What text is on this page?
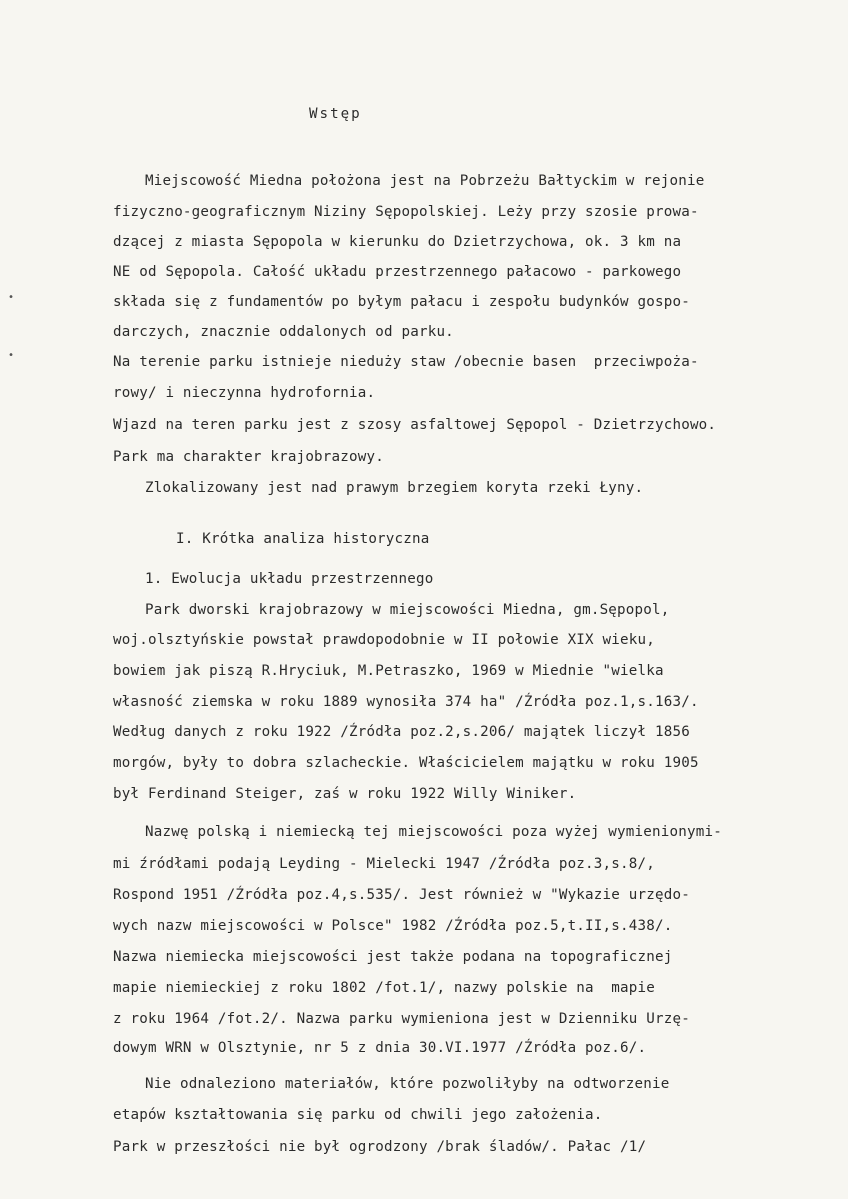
Wstęp
•
•
Miejscowość Miedna położona jest na Pobrzeżu Bałtyckim w rejonie
fizyczno-geograficznym Niziny Sępopolskiej. Leży przy szosie prowa-
dzącej z miasta Sępopola w kierunku do Dzietrzychowa, ok. 3 km na
NE od Sępopola. Całość układu przestrzennego pałacowo - parkowego
składa się z fundamentów po byłym pałacu i zespołu budynków gospo-
darczych, znacznie oddalonych od parku.
Na terenie parku istnieje nieduży staw /obecnie basen  przeciwpoża-
rowy/ i nieczynna hydrofornia.
Wjazd na teren parku jest z szosy asfaltowej Sępopol - Dzietrzychowo.
Park ma charakter krajobrazowy.
Zlokalizowany jest nad prawym brzegiem koryta rzeki Łyny.
I. Krótka analiza historyczna
1. Ewolucja układu przestrzennego
Park dworski krajobrazowy w miejscowości Miedna, gm.Sępopol,
woj.olsztyńskie powstał prawdopodobnie w II połowie XIX wieku,
bowiem jak piszą R.Hryciuk, M.Petraszko, 1969 w Miednie "wielka
własność ziemska w roku 1889 wynosiła 374 ha" /Źródła poz.1,s.163/.
Według danych z roku 1922 /Źródła poz.2,s.206/ majątek liczył 1856
morgów, były to dobra szlacheckie. Właścicielem majątku w roku 1905
był Ferdinand Steiger, zaś w roku 1922 Willy Winiker.
Nazwę polską i niemiecką tej miejscowości poza wyżej wymienionymi-
mi źródłami podają Leyding - Mielecki 1947 /Źródła poz.3,s.8/,
Rospond 1951 /Źródła poz.4,s.535/. Jest również w "Wykazie urzędo-
wych nazw miejscowości w Polsce" 1982 /Źródła poz.5,t.II,s.438/.
Nazwa niemiecka miejscowości jest także podana na topograficznej
mapie niemieckiej z roku 1802 /fot.1/, nazwy polskie na  mapie
z roku 1964 /fot.2/. Nazwa parku wymieniona jest w Dzienniku Urzę-
dowym WRN w Olsztynie, nr 5 z dnia 30.VI.1977 /Źródła poz.6/.
Nie odnaleziono materiałów, które pozwoliłyby na odtworzenie
etapów kształtowania się parku od chwili jego założenia.
Park w przeszłości nie był ogrodzony /brak śladów/. Pałac /1/
